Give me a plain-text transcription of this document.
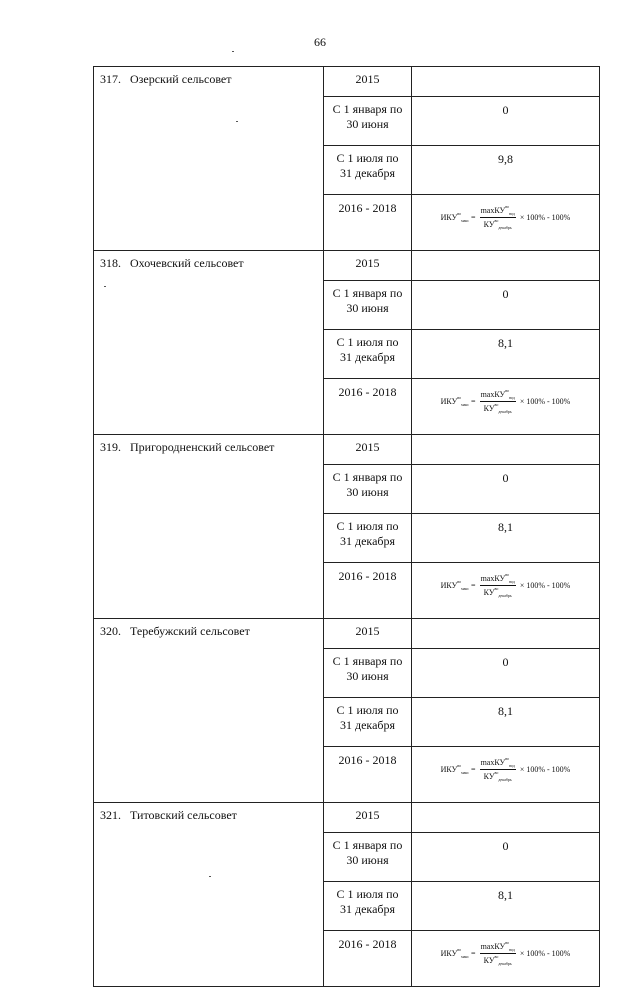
66
317. Озерский сельсовет	2015	

	С 1 января по
30 июня	0

	С 1 июля по
31 декабря	9,8
	2016 - 2018	$ИКУ^{во}_{макс} = \frac{\max КУ^{во}_{вод}}{КУ^{во}_{декабрь}} \times 100\% - 100\%$

318. Охочевский сельсовет	2015	

	С 1 января по
30 июня	0

	С 1 июля по
31 декабря	8,1
	2016 - 2018	$ИКУ^{во}_{макс} = \frac{\max КУ^{во}_{вод}}{КУ^{во}_{декабрь}} \times 100\% - 100\%$

319. Пригородненский сельсовет	2015	

	С 1 января по
30 июня	0

	С 1 июля по
31 декабря	8,1
	2016 - 2018	$ИКУ^{во}_{макс} = \frac{\max КУ^{во}_{вод}}{КУ^{во}_{декабрь}} \times 100\% - 100\%$

320. Теребужский сельсовет	2015	

	С 1 января по
30 июня	0

	С 1 июля по
31 декабря	8,1
	2016 - 2018	$ИКУ^{во}_{макс} = \frac{\max КУ^{во}_{вод}}{КУ^{во}_{декабрь}} \times 100\% - 100\%$

321. Титовский сельсовет	2015	

	С 1 января по
30 июня	0

	С 1 июля по
31 декабря	8,1
	2016 - 2018	$ИКУ^{во}_{макс} = \frac{\max КУ^{во}_{вод}}{КУ^{во}_{декабрь}} \times 100\% - 100\%$
